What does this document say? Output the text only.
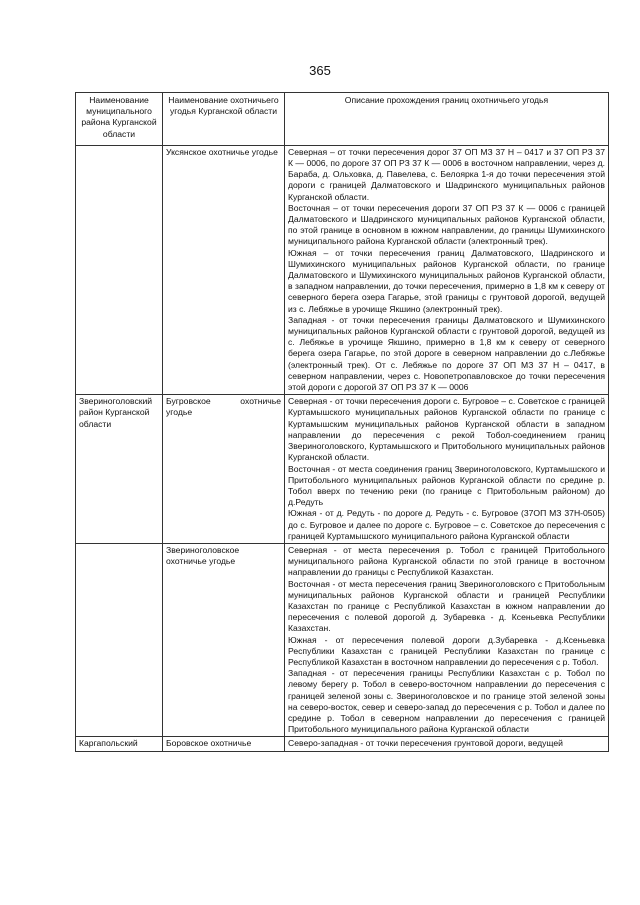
365
Наименование муниципального района Курганской области	Наименование охотничьего угодья Курганской области	Описание прохождения границ охотничьего угодья
	Уксянское охотничье угодье	Северная – от точки пересечения дорог 37 ОП МЗ 37 Н – 0417 и 37 ОП РЗ 37 К — 0006, по дороге 37 ОП РЗ 37 К — 0006 в восточном направлении, через д. Бараба, д. Ольховка, д. Павелева, с. Белоярка 1-я до точки пересечения этой дороги с границей Далматовского и Шадринского муниципальных районов Курганской области.

Восточная – от точки пересечения дороги 37 ОП РЗ 37 К — 0006 с границей Далматовского и Шадринского муниципальных районов Курганской области, по этой границе в основном в южном направлении, до границы Шумихинского муниципального района Курганской области (электронный трек).

Южная – от точки пересечения границ Далматовского, Шадринского и Шумихинского муниципальных районов Курганской области, по границе Далматовского и Шумихинского муниципальных районов Курганской области, в западном направлении, до точки пересечения, примерно в 1,8 км к северу от северного берега озера Гагарье, этой границы с грунтовой дорогой, ведущей из с. Лебяжье в урочище Якшино (электронный трек).

Западная - от точки пересечения границы Далматовского и Шумихинского муниципальных районов Курганской области с грунтовой дорогой, ведущей из с. Лебяжье в урочище Якшино, примерно в 1,8 км к северу от северного берега озера Гагарье, по этой дороге в северном направлении до с.Лебяжье (электронный трек). От с. Лебяжье по дороге 37 ОП МЗ 37 Н – 0417, в северном направлении, через с. Новопетропавловское до точки пересечения этой дороги с дорогой 37 ОП РЗ 37 К — 0006

Звериноголовский район Курганской области	Бугровское охотничье угодье	Северная - от точки пересечения дороги с. Бугровое – с. Советское с границей Куртамышского муниципальных районов Курганской области по границе с Куртамышским муниципальных районов Курганской области в западном направлении до пересечения с рекой Тобол-соединением границ Звериноголовского, Куртамышского и Притобольного муниципальных районов Курганской области.

Восточная - от места соединения границ Звериноголовского, Куртамышского и Притобольного муниципальных районов Курганской области по средине р. Тобол вверх по течению реки (по границе с Притобольным районом) до д.Редуть

Южная - от д. Редуть - по дороге д. Редуть - с. Бугровое (37ОП МЗ 37Н-0505) до с. Бугровое и далее по дороге с. Бугровое – с. Советское до пересечения с границей Куртамышского муниципального района Курганской области

	Звериноголовское охотничье угодье	Северная - от места пересечения р. Тобол с границей Притобольного муниципального района Курганской области по этой границе в восточном направлении до границы с Республикой Казахстан.

Восточная - от места пересечения границ Звериноголовского с Притобольным муниципальных районов Курганской области и границей Республики Казахстан по границе с Республикой Казахстан в южном направлении до пересечения с полевой дорогой д. Зубаревка - д. Ксеньевка Республики Казахстан.

Южная - от пересечения полевой дороги д.Зубаревка - д.Ксеньевка Республики Казахстан с границей Республики Казахстан по границе с Республикой Казахстан в восточном направлении до пересечения с р. Тобол.

Западная - от пересечения границы Республики Казахстан с р. Тобол по левому берегу р. Тобол в северо-восточном направлении до пересечения с границей зеленой зоны с. Звериноголовское и по границе этой зеленой зоны на северо-восток, север и северо-запад до пересечения с р. Тобол и далее по средине р. Тобол в северном направлении до пересечения с границей Притобольного муниципального района Курганской области

Каргапольский	Боровское охотничье	Северо-западная - от точки пересечения грунтовой дороги, ведущей
